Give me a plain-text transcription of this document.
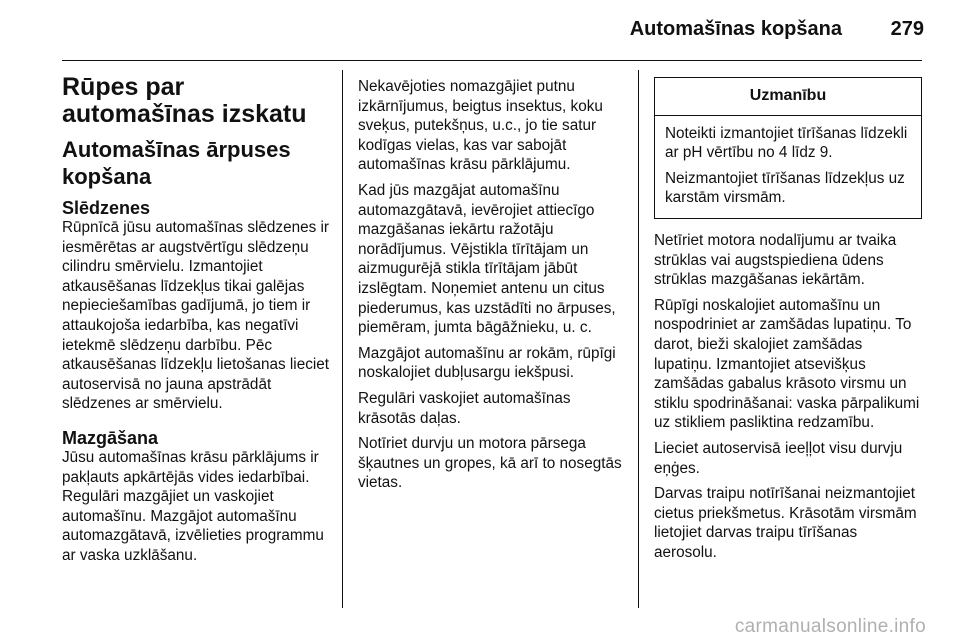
Automašīnas kopšana	279
Rūpes par automašīnas izskatu
Automašīnas ārpuses kopšana
Slēdzenes

Rūpnīcā jūsu automašīnas slēdzenes ir iesmērētas ar augstvērtīgu slēdzeņu cilindru smērvielu. Izmantojiet atkausēšanas līdzekļus tikai galējas nepieciešamības gadījumā, jo tiem ir attaukojoša iedarbība, kas negatīvi ietekmē slēdzeņu darbību. Pēc atkausēšanas līdzekļu lietošanas lieciet autoservisā no jauna apstrādāt slēdzenes ar smērvielu.

Mazgāšana

Jūsu automašīnas krāsu pārklājums ir pakļauts apkārtējās vides iedarbībai. Regulāri mazgājiet un vaskojiet automašīnu. Mazgājot automašīnu automazgātavā, izvēlieties programmu ar vaska uzklāšanu.

Nekavējoties nomazgājiet putnu izkārnījumus, beigtus insektus, koku sveķus, putekšņus, u.c., jo tie satur kodīgas vielas, kas var sabojāt automašīnas krāsu pārklājumu.

Kad jūs mazgājat automašīnu automazgātavā, ievērojiet attiecīgo mazgāšanas iekārtu ražotāju norādījumus. Vējstikla tīrītājam un aizmugurējā stikla tīrītājam jābūt izslēgtam. Noņemiet antenu un citus piederumus, kas uzstādīti no ārpuses, piemēram, jumta bāgāžnieku, u. c.

Mazgājot automašīnu ar rokām, rūpīgi noskalojiet dubļusargu iekšpusi.

Regulāri vaskojiet automašīnas krāsotās daļas.

Notīriet durvju un motora pārsega šķautnes un gropes, kā arī to nosegtās vietas.

Uzmanību

Noteikti izmantojiet tīrīšanas līdzekli ar pH vērtību no 4 līdz 9.

Neizmantojiet tīrīšanas līdzekļus uz karstām virsmām.

Netīriet motora nodalījumu ar tvaika strūklas vai augstspiediena ūdens strūklas mazgāšanas iekārtām.

Rūpīgi noskalojiet automašīnu un nospodriniet ar zamšādas lupatiņu. To darot, bieži skalojiet zamšādas lupatiņu. Izmantojiet atsevišķus zamšādas gabalus krāsoto virsmu un stiklu spodrināšanai: vaska pārpalikumi uz stikliem pasliktina redzamību.

Lieciet autoservisā ieeļļot visu durvju eņģes.

Darvas traipu notīrīšanai neizmantojiet cietus priekšmetus. Krāsotām virsmām lietojiet darvas traipu tīrīšanas aerosolu.

carmanualsonline.info
